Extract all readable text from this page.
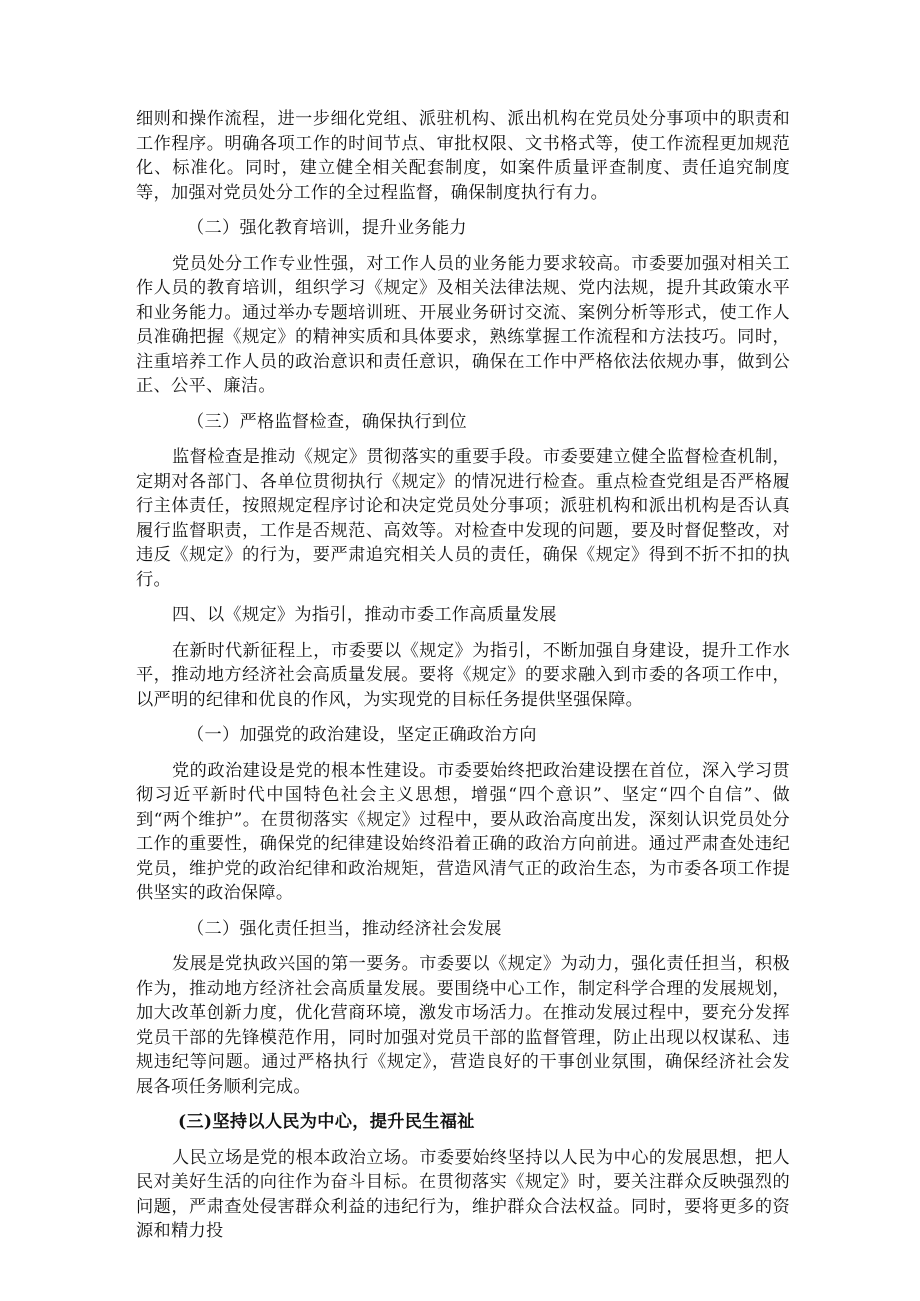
细则和操作流程，进一步细化党组、派驻机构、派出机构在党员处分事项中的职责和工作程序。明确各项工作的时间节点、审批权限、文书格式等，使工作流程更加规范化、标准化。同时，建立健全相关配套制度，如案件质量评查制度、责任追究制度等，加强对党员处分工作的全过程监督，确保制度执行有力。

（二）强化教育培训，提升业务能力

党员处分工作专业性强，对工作人员的业务能力要求较高。市委要加强对相关工作人员的教育培训，组织学习《规定》及相关法律法规、党内法规，提升其政策水平和业务能力。通过举办专题培训班、开展业务研讨交流、案例分析等形式，使工作人员准确把握《规定》的精神实质和具体要求，熟练掌握工作流程和方法技巧。同时，注重培养工作人员的政治意识和责任意识，确保在工作中严格依法依规办事，做到公正、公平、廉洁。

（三）严格监督检查，确保执行到位

监督检查是推动《规定》贯彻落实的重要手段。市委要建立健全监督检查机制，定期对各部门、各单位贯彻执行《规定》的情况进行检查。重点检查党组是否严格履行主体责任，按照规定程序讨论和决定党员处分事项；派驻机构和派出机构是否认真履行监督职责，工作是否规范、高效等。对检查中发现的问题，要及时督促整改，对违反《规定》的行为，要严肃追究相关人员的责任，确保《规定》得到不折不扣的执行。

四、以《规定》为指引，推动市委工作高质量发展

在新时代新征程上，市委要以《规定》为指引，不断加强自身建设，提升工作水平，推动地方经济社会高质量发展。要将《规定》的要求融入到市委的各项工作中，以严明的纪律和优良的作风，为实现党的目标任务提供坚强保障。

（一）加强党的政治建设，坚定正确政治方向

党的政治建设是党的根本性建设。市委要始终把政治建设摆在首位，深入学习贯彻习近平新时代中国特色社会主义思想，增强“四个意识”、坚定“四个自信”、做到“两个维护”。在贯彻落实《规定》过程中，要从政治高度出发，深刻认识党员处分工作的重要性，确保党的纪律建设始终沿着正确的政治方向前进。通过严肃查处违纪党员，维护党的政治纪律和政治规矩，营造风清气正的政治生态，为市委各项工作提供坚实的政治保障。

（二）强化责任担当，推动经济社会发展

发展是党执政兴国的第一要务。市委要以《规定》为动力，强化责任担当，积极作为，推动地方经济社会高质量发展。要围绕中心工作，制定科学合理的发展规划，加大改革创新力度，优化营商环境，激发市场活力。在推动发展过程中，要充分发挥党员干部的先锋模范作用，同时加强对党员干部的监督管理，防止出现以权谋私、违规违纪等问题。通过严格执行《规定》，营造良好的干事创业氛围，确保经济社会发展各项任务顺利完成。

(三)坚持以人民为中心，提升民生福祉

人民立场是党的根本政治立场。市委要始终坚持以人民为中心的发展思想，把人民对美好生活的向往作为奋斗目标。在贯彻落实《规定》时，要关注群众反映强烈的问题，严肃查处侵害群众利益的违纪行为，维护群众合法权益。同时，要将更多的资源和精力投
